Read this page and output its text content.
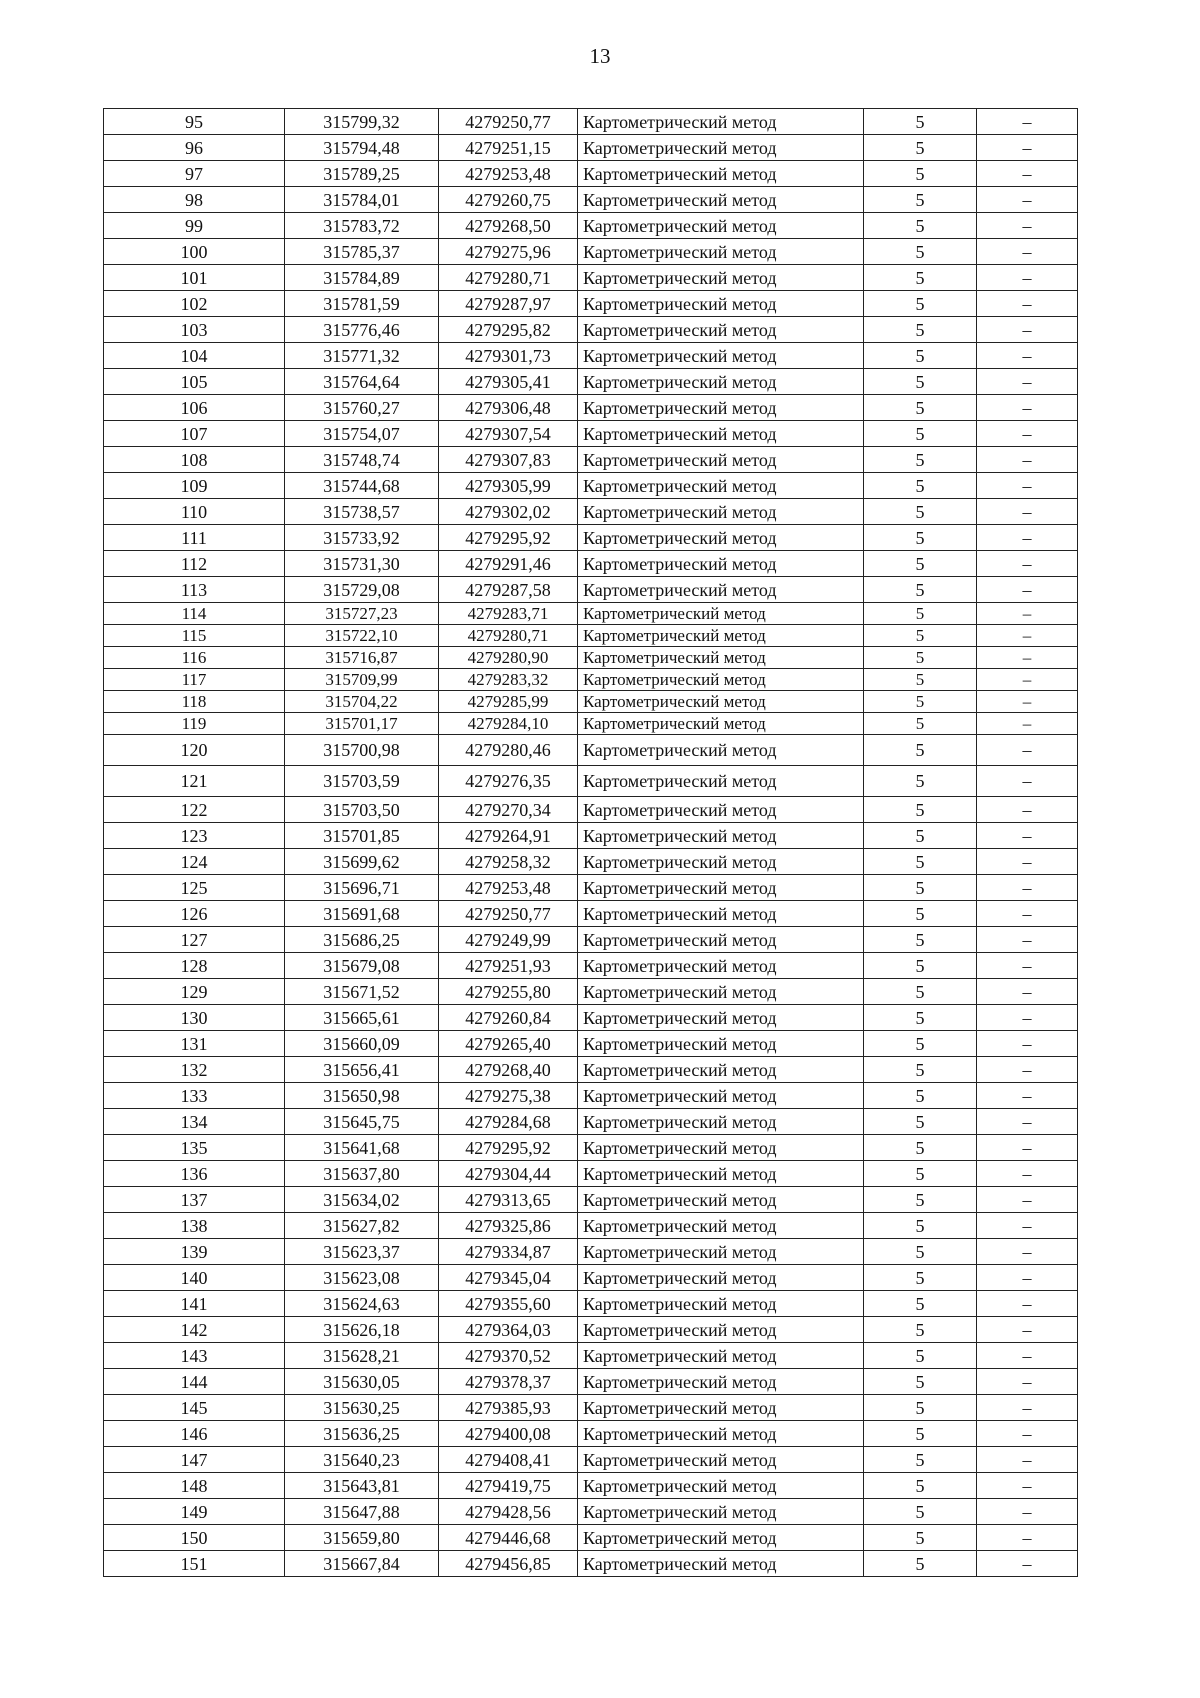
13
95	315799,32	4279250,77	Картометрический метод	5	–
96	315794,48	4279251,15	Картометрический метод	5	–
97	315789,25	4279253,48	Картометрический метод	5	–
98	315784,01	4279260,75	Картометрический метод	5	–
99	315783,72	4279268,50	Картометрический метод	5	–
100	315785,37	4279275,96	Картометрический метод	5	–
101	315784,89	4279280,71	Картометрический метод	5	–
102	315781,59	4279287,97	Картометрический метод	5	–
103	315776,46	4279295,82	Картометрический метод	5	–
104	315771,32	4279301,73	Картометрический метод	5	–
105	315764,64	4279305,41	Картометрический метод	5	–
106	315760,27	4279306,48	Картометрический метод	5	–
107	315754,07	4279307,54	Картометрический метод	5	–
108	315748,74	4279307,83	Картометрический метод	5	–
109	315744,68	4279305,99	Картометрический метод	5	–
110	315738,57	4279302,02	Картометрический метод	5	–
111	315733,92	4279295,92	Картометрический метод	5	–
112	315731,30	4279291,46	Картометрический метод	5	–
113	315729,08	4279287,58	Картометрический метод	5	–
114	315727,23	4279283,71	Картометрический метод	5	–
115	315722,10	4279280,71	Картометрический метод	5	–
116	315716,87	4279280,90	Картометрический метод	5	–
117	315709,99	4279283,32	Картометрический метод	5	–
118	315704,22	4279285,99	Картометрический метод	5	–
119	315701,17	4279284,10	Картометрический метод	5	–
120	315700,98	4279280,46	Картометрический метод	5	–
121	315703,59	4279276,35	Картометрический метод	5	–
122	315703,50	4279270,34	Картометрический метод	5	–
123	315701,85	4279264,91	Картометрический метод	5	–
124	315699,62	4279258,32	Картометрический метод	5	–
125	315696,71	4279253,48	Картометрический метод	5	–
126	315691,68	4279250,77	Картометрический метод	5	–
127	315686,25	4279249,99	Картометрический метод	5	–
128	315679,08	4279251,93	Картометрический метод	5	–
129	315671,52	4279255,80	Картометрический метод	5	–
130	315665,61	4279260,84	Картометрический метод	5	–
131	315660,09	4279265,40	Картометрический метод	5	–
132	315656,41	4279268,40	Картометрический метод	5	–
133	315650,98	4279275,38	Картометрический метод	5	–
134	315645,75	4279284,68	Картометрический метод	5	–
135	315641,68	4279295,92	Картометрический метод	5	–
136	315637,80	4279304,44	Картометрический метод	5	–
137	315634,02	4279313,65	Картометрический метод	5	–
138	315627,82	4279325,86	Картометрический метод	5	–
139	315623,37	4279334,87	Картометрический метод	5	–
140	315623,08	4279345,04	Картометрический метод	5	–
141	315624,63	4279355,60	Картометрический метод	5	–
142	315626,18	4279364,03	Картометрический метод	5	–
143	315628,21	4279370,52	Картометрический метод	5	–
144	315630,05	4279378,37	Картометрический метод	5	–
145	315630,25	4279385,93	Картометрический метод	5	–
146	315636,25	4279400,08	Картометрический метод	5	–
147	315640,23	4279408,41	Картометрический метод	5	–
148	315643,81	4279419,75	Картометрический метод	5	–
149	315647,88	4279428,56	Картометрический метод	5	–
150	315659,80	4279446,68	Картометрический метод	5	–
151	315667,84	4279456,85	Картометрический метод	5	–
